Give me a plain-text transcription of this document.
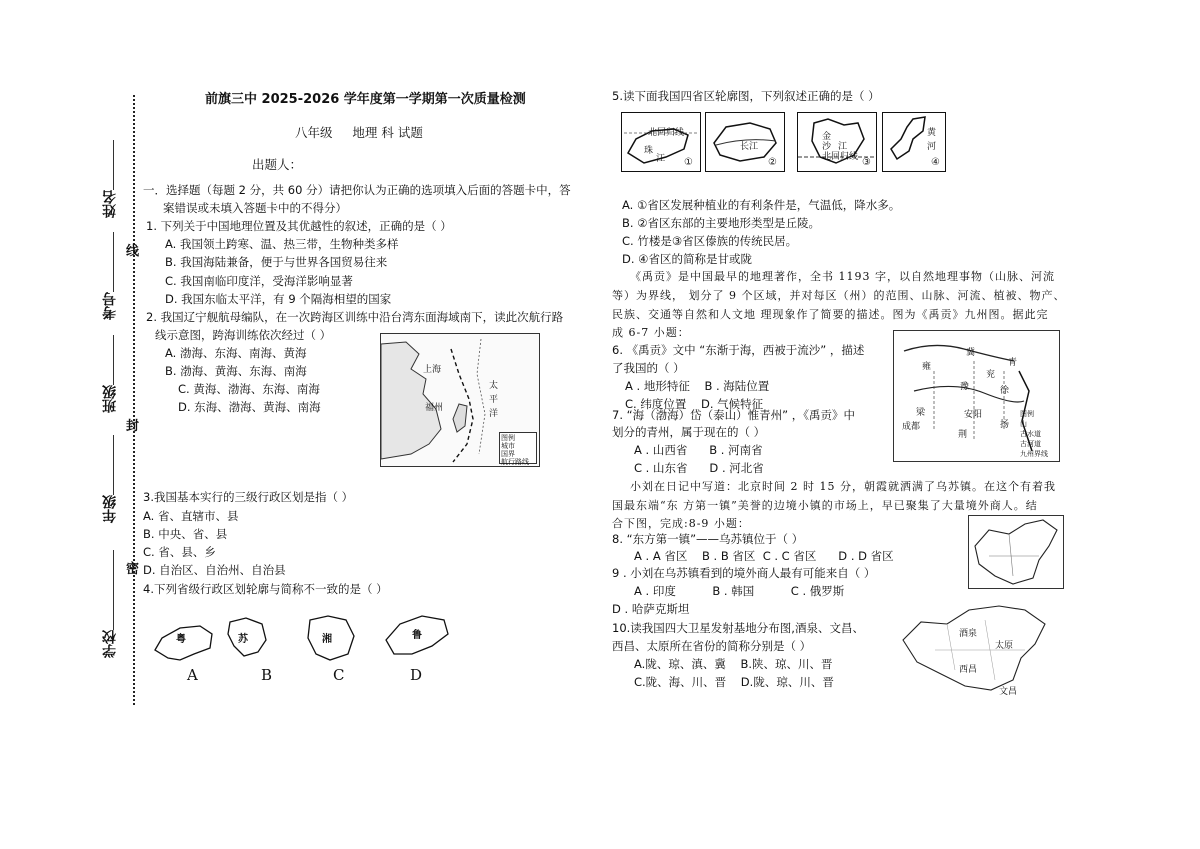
姓名
考号
班级
年级
学校
线
封
密
前旗三中 2025-2026 学年度第一学期第一次质量检测
八年级     地理 科 试题
出题人：
一．选择题（每题 2 分，共 60 分）请把你认为正确的选项填入后面的答题卡中，答
案错误或未填入答题卡中的不得分）
1. 下列关于中国地理位置及其优越性的叙述，正确的是（ ）
A. 我国领土跨寒、温、热三带，生物种类多样
B. 我国海陆兼备，便于与世界各国贸易往来
C. 我国南临印度洋，受海洋影响显著
D. 我国东临太平洋，有 9 个隔海相望的国家
2. 我国辽宁舰航母编队，在一次跨海区训练中沿台湾东面海域南下，读此次航行路
线示意图，跨海训练依次经过（ ）
A. 渤海、东海、南海、黄海
B. 渤海、黄海、东海、南海
C. 黄海、渤海、东海、南海
D. 东海、渤海、黄海、南海
上海
福州
太
平
洋
图例
城市
国界
航行路线
3.我国基本实行的三级行政区划是指（ ）
A. 省、直辖市、县
B. 中央、省、县
C. 省、县、乡
D. 自治区、自治州、自治县
4.下列省级行政区划轮廓与简称不一致的是（ ）
粤	苏	湘	鲁
A	B	C	D
5.读下面我国四省区轮廓图，下列叙述正确的是（ ）
北回归线
珠
江 ①
长江
②
金
沙 江
北回归线 ③
黄
河
④
A. ①省区发展种植业的有利条件是，气温低，降水多。
B. ②省区东部的主要地形类型是丘陵。
C. 竹楼是③省区傣族的传统民居。
D. ④省区的简称是甘或陇
《禹贡》是中国最早的地理著作，全书 1193 字，以自然地理事物（山脉、河流
等）为界线， 划分了 9 个区域，并对每区（州）的范围、山脉、河流、植被、物产、
民族、交通等自然和人文地 理现象作了简要的描述。图为《禹贡》九州图。据此完
成 6-7 小题：
6. 《禹贡》文中 “东渐于海，西被于流沙” ，描述
了我国的（ ）
A . 地形特征    B . 海陆位置
C. 纬度位置    D. 气候特征
7. “海（渤海）岱（泰山）惟青州” ，《禹贡》中
划分的青州，属于现在的（ ）
A . 山西省      B . 河南省
C . 山东省      D . 河北省
雍
冀
兖
青
徐
豫
梁
荆
扬
成都
安阳	图例
山
古水道
古河道
九州界线
小刘在日记中写道：北京时间 2 时 15 分，朝霞就洒满了乌苏镇。在这个有着我
国最东端“东 方第一镇”美誉的边境小镇的市场上，早已聚集了大量境外商人。结
合下图，完成:8-9 小题：
8. “东方第一镇”——乌苏镇位于（ ）
A . A 省区    B . B 省区  C . C 省区      D . D 省区
9 . 小刘在乌苏镇看到的境外商人最有可能来自（ ）
A . 印度          B . 韩国          C . 俄罗斯
D . 哈萨克斯坦
10.读我国四大卫星发射基地分布图,酒泉、文昌、
西昌、太原所在省份的简称分别是（ ）
A.陇、琼、滇、冀    B.陕、琼、川、晋
C.陇、海、川、晋    D.陇、琼、川、晋
酒泉
太原
西昌
文昌
